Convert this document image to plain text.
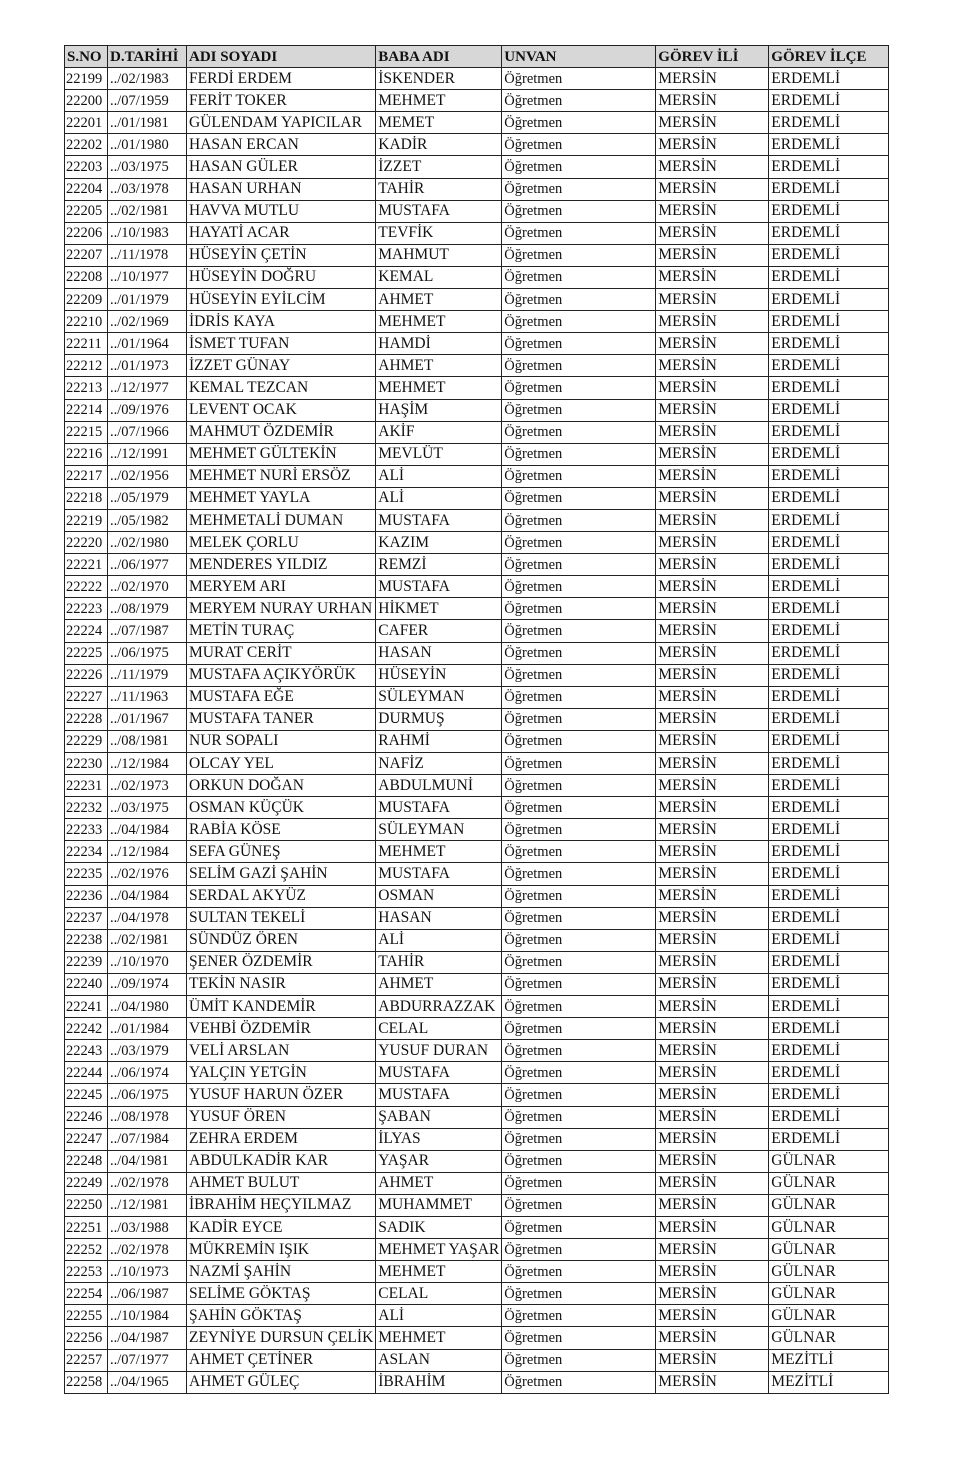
S.NO	D.TARİHİ	ADI SOYADI	BABA ADI	UNVAN	GÖREV İLİ	GÖREV İLÇE
22199	../02/1983	FERDİ ERDEM	İSKENDER	Öğretmen	MERSİN	ERDEMLİ
22200	../07/1959	FERİT TOKER	MEHMET	Öğretmen	MERSİN	ERDEMLİ
22201	../01/1981	GÜLENDAM YAPICILAR	MEMET	Öğretmen	MERSİN	ERDEMLİ
22202	../01/1980	HASAN ERCAN	KADİR	Öğretmen	MERSİN	ERDEMLİ
22203	../03/1975	HASAN GÜLER	İZZET	Öğretmen	MERSİN	ERDEMLİ
22204	../03/1978	HASAN URHAN	TAHİR	Öğretmen	MERSİN	ERDEMLİ
22205	../02/1981	HAVVA MUTLU	MUSTAFA	Öğretmen	MERSİN	ERDEMLİ
22206	../10/1983	HAYATİ ACAR	TEVFİK	Öğretmen	MERSİN	ERDEMLİ
22207	../11/1978	HÜSEYİN ÇETİN	MAHMUT	Öğretmen	MERSİN	ERDEMLİ
22208	../10/1977	HÜSEYİN DOĞRU	KEMAL	Öğretmen	MERSİN	ERDEMLİ
22209	../01/1979	HÜSEYİN EYİLCİM	AHMET	Öğretmen	MERSİN	ERDEMLİ
22210	../02/1969	İDRİS KAYA	MEHMET	Öğretmen	MERSİN	ERDEMLİ
22211	../01/1964	İSMET TUFAN	HAMDİ	Öğretmen	MERSİN	ERDEMLİ
22212	../01/1973	İZZET GÜNAY	AHMET	Öğretmen	MERSİN	ERDEMLİ
22213	../12/1977	KEMAL TEZCAN	MEHMET	Öğretmen	MERSİN	ERDEMLİ
22214	../09/1976	LEVENT OCAK	HAŞİM	Öğretmen	MERSİN	ERDEMLİ
22215	../07/1966	MAHMUT ÖZDEMİR	AKİF	Öğretmen	MERSİN	ERDEMLİ
22216	../12/1991	MEHMET GÜLTEKİN	MEVLÜT	Öğretmen	MERSİN	ERDEMLİ
22217	../02/1956	MEHMET NURİ ERSÖZ	ALİ	Öğretmen	MERSİN	ERDEMLİ
22218	../05/1979	MEHMET YAYLA	ALİ	Öğretmen	MERSİN	ERDEMLİ
22219	../05/1982	MEHMETALİ DUMAN	MUSTAFA	Öğretmen	MERSİN	ERDEMLİ
22220	../02/1980	MELEK ÇORLU	KAZIM	Öğretmen	MERSİN	ERDEMLİ
22221	../06/1977	MENDERES YILDIZ	REMZİ	Öğretmen	MERSİN	ERDEMLİ
22222	../02/1970	MERYEM ARI	MUSTAFA	Öğretmen	MERSİN	ERDEMLİ
22223	../08/1979	MERYEM NURAY URHAN	HİKMET	Öğretmen	MERSİN	ERDEMLİ
22224	../07/1987	METİN TURAÇ	CAFER	Öğretmen	MERSİN	ERDEMLİ
22225	../06/1975	MURAT CERİT	HASAN	Öğretmen	MERSİN	ERDEMLİ
22226	../11/1979	MUSTAFA AÇIKYÖRÜK	HÜSEYİN	Öğretmen	MERSİN	ERDEMLİ
22227	../11/1963	MUSTAFA EĞE	SÜLEYMAN	Öğretmen	MERSİN	ERDEMLİ
22228	../01/1967	MUSTAFA TANER	DURMUŞ	Öğretmen	MERSİN	ERDEMLİ
22229	../08/1981	NUR SOPALI	RAHMİ	Öğretmen	MERSİN	ERDEMLİ
22230	../12/1984	OLCAY YEL	NAFİZ	Öğretmen	MERSİN	ERDEMLİ
22231	../02/1973	ORKUN DOĞAN	ABDULMUNİ	Öğretmen	MERSİN	ERDEMLİ
22232	../03/1975	OSMAN KÜÇÜK	MUSTAFA	Öğretmen	MERSİN	ERDEMLİ
22233	../04/1984	RABİA KÖSE	SÜLEYMAN	Öğretmen	MERSİN	ERDEMLİ
22234	../12/1984	SEFA GÜNEŞ	MEHMET	Öğretmen	MERSİN	ERDEMLİ
22235	../02/1976	SELİM GAZİ ŞAHİN	MUSTAFA	Öğretmen	MERSİN	ERDEMLİ
22236	../04/1984	SERDAL AKYÜZ	OSMAN	Öğretmen	MERSİN	ERDEMLİ
22237	../04/1978	SULTAN TEKELİ	HASAN	Öğretmen	MERSİN	ERDEMLİ
22238	../02/1981	SÜNDÜZ ÖREN	ALİ	Öğretmen	MERSİN	ERDEMLİ
22239	../10/1970	ŞENER ÖZDEMİR	TAHİR	Öğretmen	MERSİN	ERDEMLİ
22240	../09/1974	TEKİN NASIR	AHMET	Öğretmen	MERSİN	ERDEMLİ
22241	../04/1980	ÜMİT KANDEMİR	ABDURRAZZAK	Öğretmen	MERSİN	ERDEMLİ
22242	../01/1984	VEHBİ ÖZDEMİR	CELAL	Öğretmen	MERSİN	ERDEMLİ
22243	../03/1979	VELİ ARSLAN	YUSUF DURAN	Öğretmen	MERSİN	ERDEMLİ
22244	../06/1974	YALÇIN YETGİN	MUSTAFA	Öğretmen	MERSİN	ERDEMLİ
22245	../06/1975	YUSUF HARUN ÖZER	MUSTAFA	Öğretmen	MERSİN	ERDEMLİ
22246	../08/1978	YUSUF ÖREN	ŞABAN	Öğretmen	MERSİN	ERDEMLİ
22247	../07/1984	ZEHRA ERDEM	İLYAS	Öğretmen	MERSİN	ERDEMLİ
22248	../04/1981	ABDULKADİR KAR	YAŞAR	Öğretmen	MERSİN	GÜLNAR
22249	../02/1978	AHMET BULUT	AHMET	Öğretmen	MERSİN	GÜLNAR
22250	../12/1981	İBRAHİM HEÇYILMAZ	MUHAMMET	Öğretmen	MERSİN	GÜLNAR
22251	../03/1988	KADİR EYCE	SADIK	Öğretmen	MERSİN	GÜLNAR
22252	../02/1978	MÜKREMİN IŞIK	MEHMET YAŞAR	Öğretmen	MERSİN	GÜLNAR
22253	../10/1973	NAZMİ ŞAHİN	MEHMET	Öğretmen	MERSİN	GÜLNAR
22254	../06/1987	SELİME GÖKTAŞ	CELAL	Öğretmen	MERSİN	GÜLNAR
22255	../10/1984	ŞAHİN GÖKTAŞ	ALİ	Öğretmen	MERSİN	GÜLNAR
22256	../04/1987	ZEYNİYE DURSUN ÇELİK	MEHMET	Öğretmen	MERSİN	GÜLNAR
22257	../07/1977	AHMET ÇETİNER	ASLAN	Öğretmen	MERSİN	MEZİTLİ
22258	../04/1965	AHMET GÜLEÇ	İBRAHİM	Öğretmen	MERSİN	MEZİTLİ
